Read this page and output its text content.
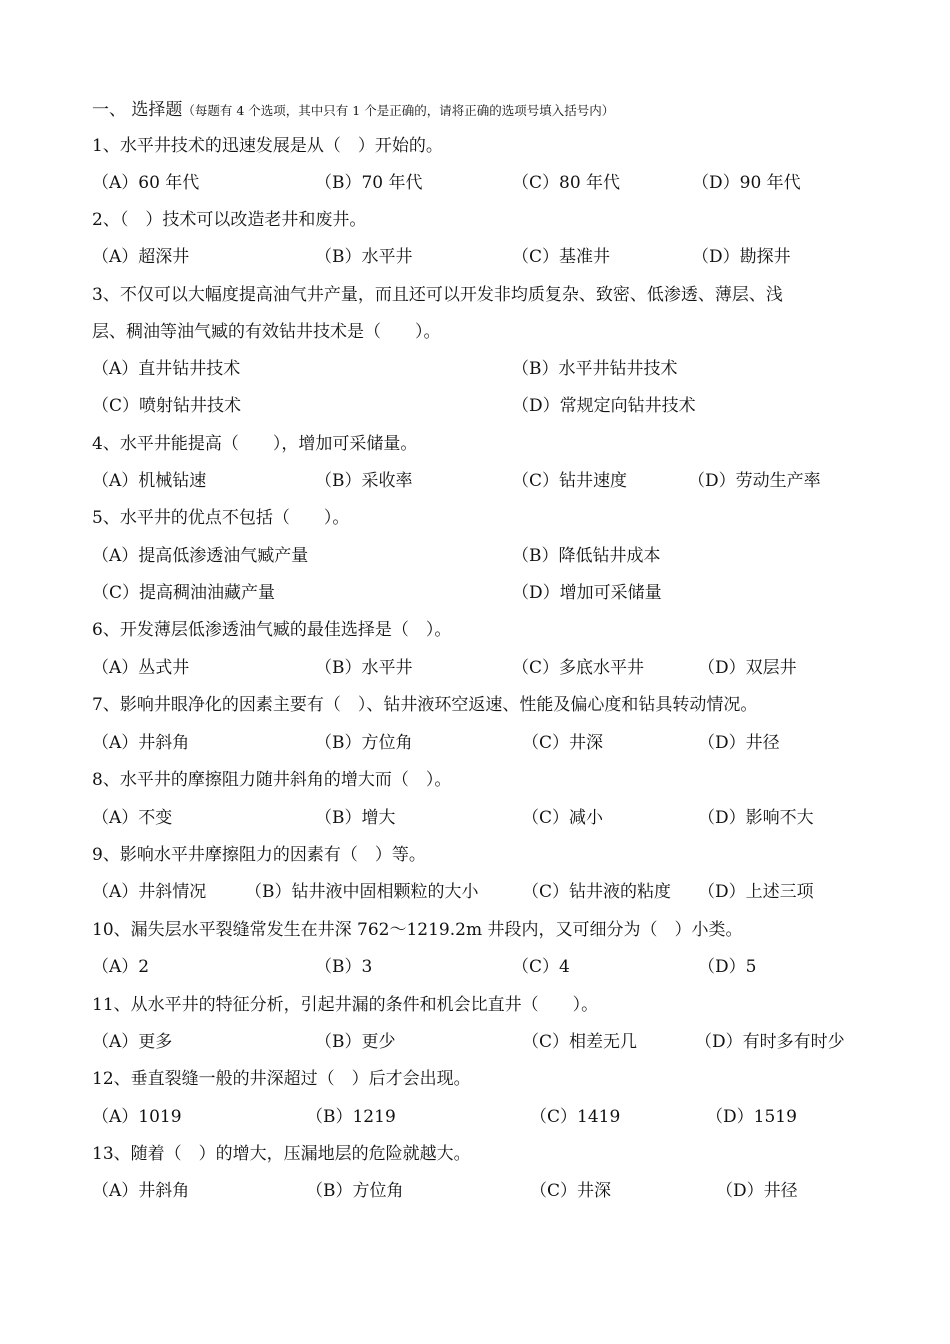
一、 选择题（每题有 4 个选项，其中只有 1 个是正确的，请将正确的选项号填入括号内）
1、水平井技术的迅速发展是从（　）开始的。
（A）60 年代	（B）70 年代	（C）80 年代	（D）90 年代
2、（　）技术可以改造老井和废井。
（A）超深井	（B）水平井	（C）基准井	（D）勘探井
3、不仅可以大幅度提高油气井产量，而且还可以开发非均质复杂、致密、低渗透、薄层、浅
层、稠油等油气臧的有效钻井技术是（　　）。
（A）直井钻井技术	（B）水平井钻井技术
（C）喷射钻井技术	（D）常规定向钻井技术
4、水平井能提高（　　），增加可采储量。
（A）机械钻速	（B）采收率	（C）钻井速度	（D）劳动生产率
5、水平井的优点不包括（　　）。
（A）提高低渗透油气臧产量	（B）降低钻井成本
（C）提高稠油油藏产量	（D）增加可采储量
6、开发薄层低渗透油气臧的最佳选择是（　）。
（A）丛式井	（B）水平井	（C）多底水平井	（D）双层井
7、影响井眼净化的因素主要有（　）、钻井液环空返速、性能及偏心度和钻具转动情况。
（A）井斜角	（B）方位角	（C）井深	（D）井径
8、水平井的摩擦阻力随井斜角的增大而（　）。
（A）不变	（B）增大	（C）减小	（D）影响不大
9、影响水平井摩擦阻力的因素有（　）等。
（A）井斜情况 （B）钻井液中固相颗粒的大小	（C）钻井液的粘度 （D）上述三项
10、漏失层水平裂缝常发生在井深 762～1219.2m 井段内，又可细分为（　）小类。
（A）2	（B）3	（C）4	（D）5
11、从水平井的特征分析，引起井漏的条件和机会比直井（　　）。
（A）更多	（B）更少	（C）相差无几	（D）有时多有时少
12、垂直裂缝一般的井深超过（　）后才会出现。
（A）1019	（B）1219	（C）1419	（D）1519
13、随着（　）的增大，压漏地层的危险就越大。
（A）井斜角	（B）方位角	（C）井深	（D）井径
